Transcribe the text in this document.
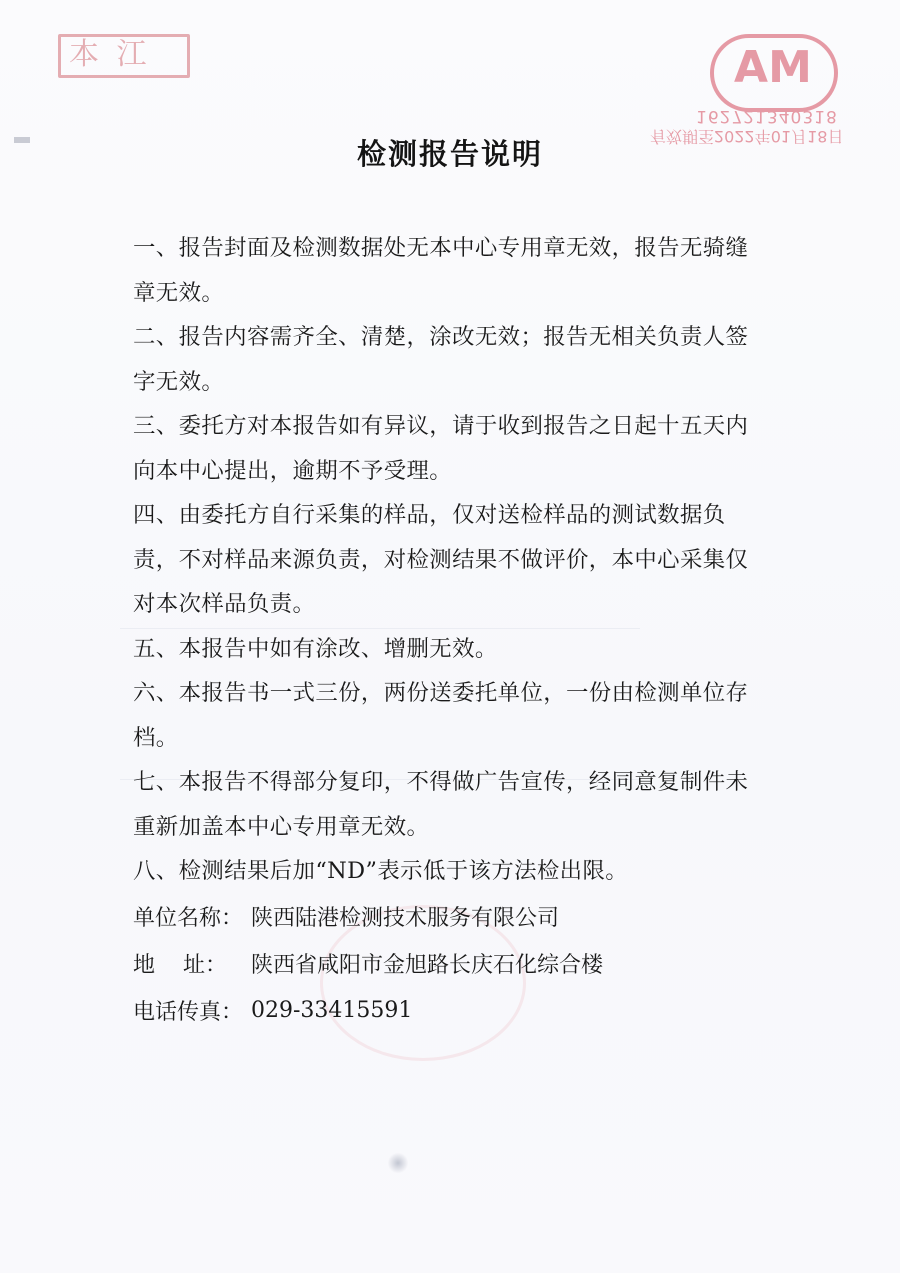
本 江	MA
162721340318
有效期至2022年01月18日
检测报告说明

一、报告封面及检测数据处无本中心专用章无效，报告无骑缝章无效。

二、报告内容需齐全、清楚，涂改无效；报告无相关负责人签字无效。

三、委托方对本报告如有异议，请于收到报告之日起十五天内向本中心提出，逾期不予受理。

四、由委托方自行采集的样品，仅对送检样品的测试数据负责，不对样品来源负责，对检测结果不做评价，本中心采集仅对本次样品负责。

五、本报告中如有涂改、增删无效。

六、本报告书一式三份，两份送委托单位，一份由检测单位存档。

七、本报告不得部分复印，不得做广告宣传，经同意复制件未重新加盖本中心专用章无效。

八、检测结果后加“ND”表示低于该方法检出限。

单位名称： 陕西陆港检测技术服务有限公司
地    址：	陕西省咸阳市金旭路长庆石化综合楼
电话传真： 029-33415591
